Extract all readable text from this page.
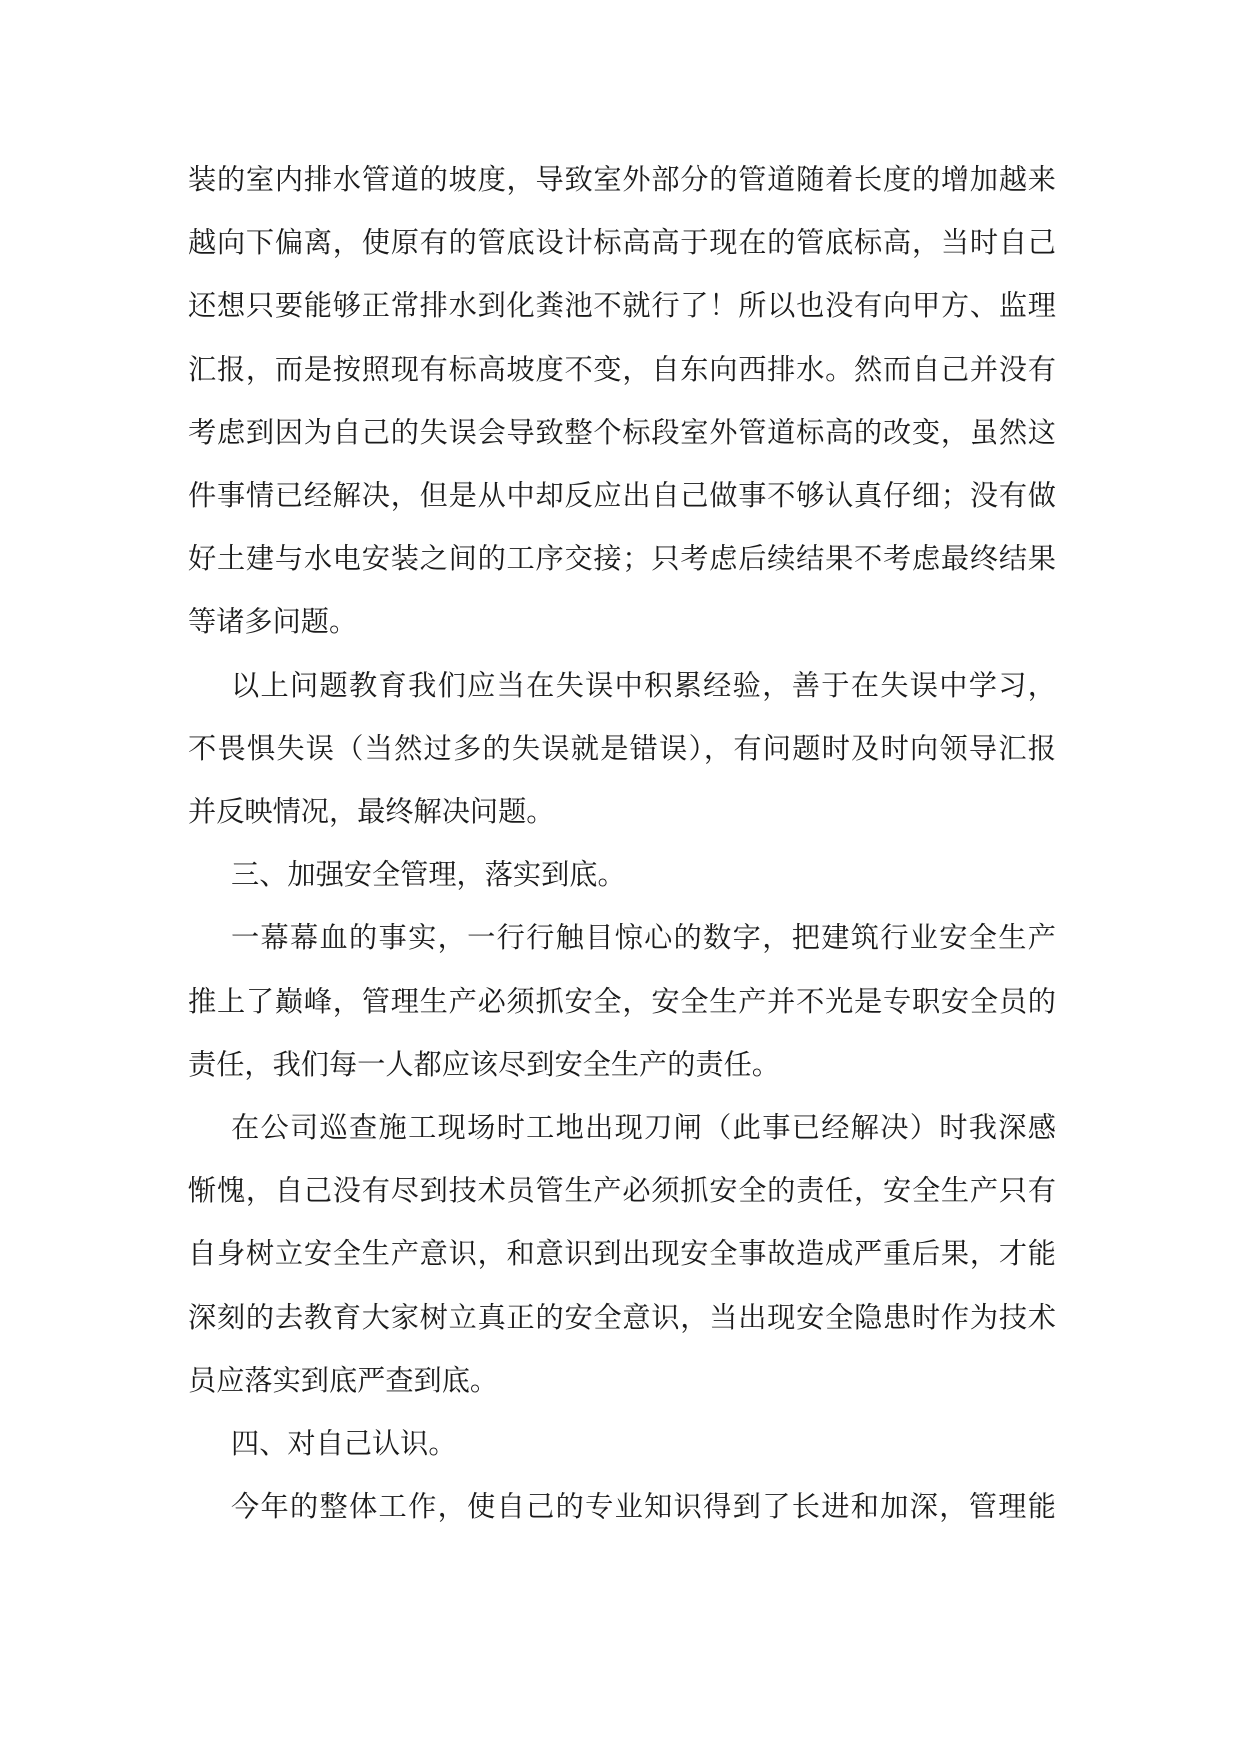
装的室内排水管道的坡度，导致室外部分的管道随着长度的增加越来
越向下偏离，使原有的管底设计标高高于现在的管底标高，当时自己
还想只要能够正常排水到化粪池不就行了！所以也没有向甲方、监理
汇报，而是按照现有标高坡度不变，自东向西排水。然而自己并没有
考虑到因为自己的失误会导致整个标段室外管道标高的改变，虽然这
件事情已经解决，但是从中却反应出自己做事不够认真仔细；没有做
好土建与水电安装之间的工序交接；只考虑后续结果不考虑最终结果
等诸多问题。
以上问题教育我们应当在失误中积累经验，善于在失误中学习，
不畏惧失误（当然过多的失误就是错误），有问题时及时向领导汇报
并反映情况，最终解决问题。
三、加强安全管理，落实到底。
一幕幕血的事实，一行行触目惊心的数字，把建筑行业安全生产
推上了巅峰，管理生产必须抓安全，安全生产并不光是专职安全员的
责任，我们每一人都应该尽到安全生产的责任。
在公司巡查施工现场时工地出现刀闸（此事已经解决）时我深感
惭愧，自己没有尽到技术员管生产必须抓安全的责任，安全生产只有
自身树立安全生产意识，和意识到出现安全事故造成严重后果，才能
深刻的去教育大家树立真正的安全意识，当出现安全隐患时作为技术
员应落实到底严查到底。
四、对自己认识。
今年的整体工作，使自己的专业知识得到了长进和加深，管理能
